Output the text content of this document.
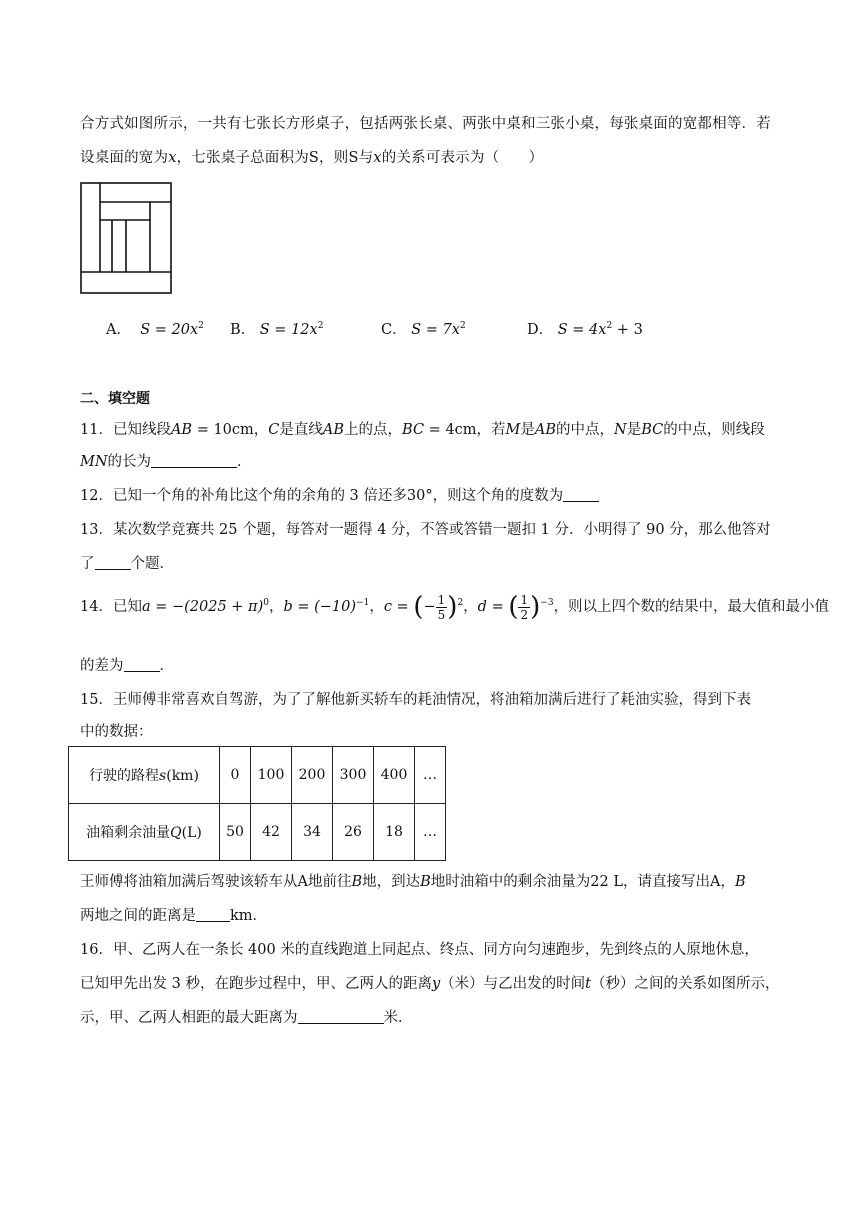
合方式如图所示，一共有七张长方形桌子，包括两张长桌、两张中桌和三张小桌，每张桌面的宽都相等．若
设桌面的宽为x，七张桌子总面积为S，则S与x的关系可表示为（　　）
A． $S = 20x^2$ B． $S = 12x^2$	C． $S = 7x^2$	D． $S = 4x^2 + 3$
二、填空题
11．已知线段AB = 10cm，C是直线AB上的点，BC = 4cm，若M是AB的中点，N是BC的中点，则线段
MN的长为	．
12．已知一个角的补角比这个角的余角的 3 倍还多30°，则这个角的度数为
13．某次数学竞赛共 25 个题，每答对一题得 4 分，不答或答错一题扣 1 分．小明得了 90 分，那么他答对
了 个题．
14．已知$a = -(2025 + \pi)^0$，$b = (-10)^{-1}$，c = (− $\frac{1}{5} )^2$，d = ( $\frac{1}{2} )^{-3}$，则以上四个数的结果中，最大值和最小值
的差为 ．
15．王师傅非常喜欢自驾游，为了了解他新买轿车的耗油情况，将油箱加满后进行了耗油实验，得到下表
中的数据：
行驶的路程s(km)	0	100	200	300	400	…
油箱剩余油量Q(L)	50	42	34	26	18	…
王师傅将油箱加满后驾驶该轿车从A地前往B地，到达B地时油箱中的剩余油量为22 L，请直接写出A，B
两地之间的距离是 km．
16．甲、乙两人在一条长 400 米的直线跑道上同起点、终点、同方向匀速跑步，先到终点的人原地休息，
已知甲先出发 3 秒，在跑步过程中，甲、乙两人的距离y（米）与乙出发的时间t（秒）之间的关系如图所示，
示，甲、乙两人相距的最大距离为	米．
